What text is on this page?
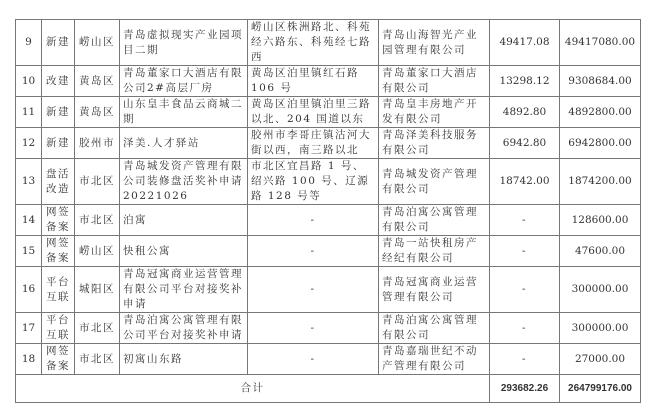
9	新建	崂山区	青岛虚拟现实产业园项目二期	崂山区株洲路北、科苑经六路东、科苑经七路西	青岛山海智光产业园管理有限公司	49417.08	49417080.00
10	改建	黄岛区	青岛董家口大酒店有限公司2#高层厂房	黄岛区泊里镇红石路 106 号	青岛董家口大酒店有限公司	13298.12	9308684.00
11	新建	黄岛区	山东皇丰食品云商城二期	黄岛区泊里镇泊里三路以北、204 国道以东	青岛皇丰房地产开发有限公司	4892.80	4892800.00
12	新建	胶州市	泽美.人才驿站	胶州市李哥庄镇沽河大街以西，南三路以北	青岛泽美科技服务有限公司	6942.80	6942800.00
13	盘活改造	市北区	青岛城发资产管理有限公司装修盘活奖补申请20221026	市北区宜昌路 1 号、绍兴路 100 号、辽源路 128 号等	青岛城发资产管理有限公司	18742.00	1874200.00
14	网签备案	市北区	泊寓	-	青岛泊寓公寓管理有限公司	-	128600.00
15	网签备案	崂山区	快租公寓	-	青岛一站快租房产经纪有限公司	-	47600.00
16	平台互联	城阳区	青岛冠寓商业运营管理有限公司平台对接奖补申请	-	青岛冠寓商业运营管理有限公司	-	300000.00
17	平台互联	市北区	青岛泊寓公寓管理有限公司平台对接奖补申请	-	青岛泊寓公寓管理有限公司	-	300000.00
18	网签备案	市北区	初寓山东路	-	青岛嘉瑞世纪不动产管理有限公司	-	27000.00
合计						293682.26	264799176.00
